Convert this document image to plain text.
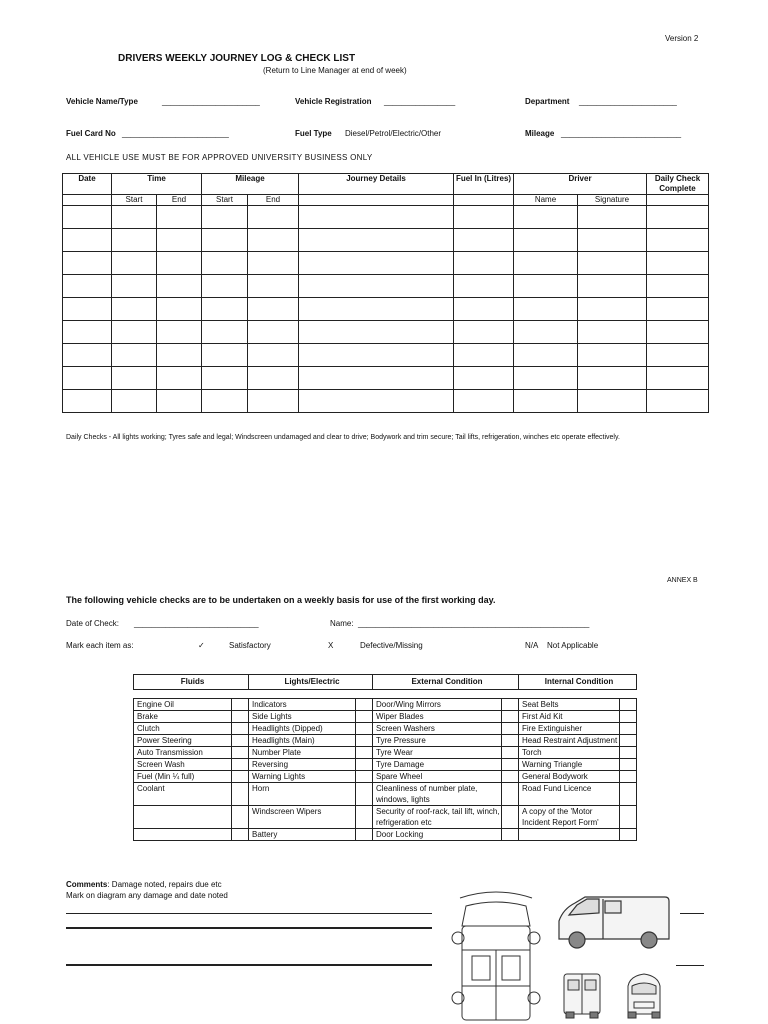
Version 2
DRIVERS WEEKLY JOURNEY LOG & CHECK LIST
(Return to Line Manager at end of week)
Vehicle Name/Type	______________________	Vehicle Registration ________________	Department ______________________
Fuel Card No ________________________	Fuel Type Diesel/Petrol/Electric/Other	Mileage ___________________________
ALL VEHICLE USE MUST BE FOR APPROVED UNIVERSITY BUSINESS ONLY
Date	Time		Mileage		Journey Details	Fuel In (Litres)	Driver		Daily Check Complete
	Start	End	Start	End			Name	Signature	

Daily Checks - All lights working; Tyres safe and legal; Windscreen undamaged and clear to drive; Bodywork and trim secure; Tail lifts, refrigeration, winches etc operate effectively.
ANNEX B
The following vehicle checks are to be undertaken on a weekly basis for use of the first working day.
Date of Check: ____________________________	Name: ____________________________________________________
Mark each item as:	✓	Satisfactory	X	Defective/Missing	N/A Not Applicable
Fluids		Lights/Electric		External Condition		Internal Condition	

Engine Oil		Indicators		Door/Wing Mirrors		Seat Belts	
Brake		Side Lights		Wiper Blades		First Aid Kit	
Clutch		Headlights (Dipped)		Screen Washers		Fire Extinguisher	
Power Steering		Headlights (Main)		Tyre Pressure		Head Restraint Adjustment	
Auto Transmission		Number Plate		Tyre Wear		Torch	
Screen Wash		Reversing		Tyre Damage		Warning Triangle	
Fuel (Min ¼ full)		Warning Lights		Spare Wheel		General Bodywork	
Coolant		Horn		Cleanliness of number plate, windows, lights		Road Fund Licence	
		Windscreen Wipers		Security of roof-rack, tail lift, winch, refrigeration etc		A copy of the 'Motor Incident Report Form'	
		Battery		Door Locking			
Comments: Damage noted, repairs due etc
Mark on diagram any damage and date noted
